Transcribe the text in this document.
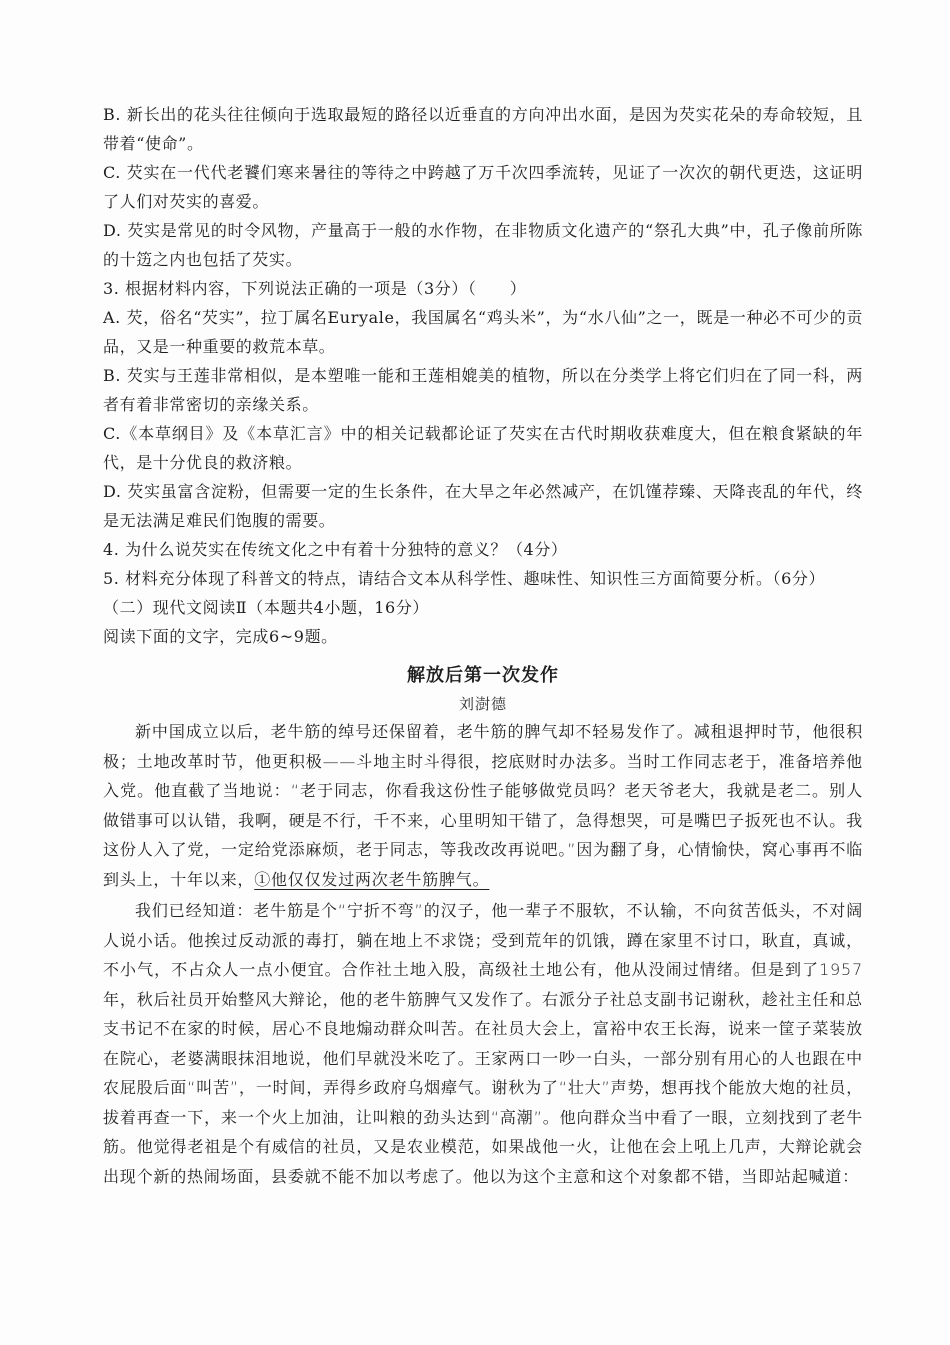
B. 新长出的花头往往倾向于选取最短的路径以近垂直的方向冲出水面，是因为芡实花朵的寿命较短，且带着“使命”。

C. 芡实在一代代老饕们寒来暑往的等待之中跨越了万千次四季流转，见证了一次次的朝代更迭，这证明了人们对芡实的喜爱。

D. 芡实是常见的时令风物，产量高于一般的水作物，在非物质文化遗产的“祭孔大典”中，孔子像前所陈的十笾之内也包括了芡实。

3. 根据材料内容，下列说法正确的一项是（3分）（　　）

A. 芡，俗名“芡实”，拉丁属名Euryale，我国属名“鸡头米”，为“水八仙”之一，既是一种必不可少的贡品，又是一种重要的救荒本草。

B. 芡实与王莲非常相似，是本塑唯一能和王莲相媲美的植物，所以在分类学上将它们归在了同一科，两者有着非常密切的亲缘关系。

C.《本草纲目》及《本草汇言》中的相关记载都论证了芡实在古代时期收获难度大，但在粮食紧缺的年代，是十分优良的救济粮。

D. 芡实虽富含淀粉，但需要一定的生长条件，在大旱之年必然减产，在饥馑荐臻、天降丧乱的年代，终是无法满足难民们饱腹的需要。

4. 为什么说芡实在传统文化之中有着十分独特的意义？（4分）

5. 材料充分体现了科普文的特点，请结合文本从科学性、趣味性、知识性三方面简要分析。（6分）

（二）现代文阅读Ⅱ（本题共4小题，16分）

阅读下面的文字，完成6~9题。

解放后第一次发作
刘澍德

新中国成立以后，老牛筋的绰号还保留着，老牛筋的脾气却不轻易发作了。减租退押时节，他很积极；土地改革时节，他更积极——斗地主时斗得很，挖底财时办法多。当时工作同志老于，准备培养他入党。他直截了当地说：“老于同志，你看我这份性子能够做党员吗？老天爷老大，我就是老二。别人做错事可以认错，我啊，硬是不行，千不来，心里明知干错了，急得想哭，可是嘴巴子扳死也不认。我这份人入了党，一定给党添麻烦，老于同志，等我改改再说吧。”因为翻了身，心情愉快，窝心事再不临到头上，十年以来，①他仅仅发过两次老牛筋脾气。

我们已经知道：老牛筋是个“宁折不弯”的汉子，他一辈子不服软，不认输，不向贫苦低头，不对阔人说小话。他挨过反动派的毒打，躺在地上不求饶；受到荒年的饥饿，蹲在家里不讨口，耿直，真诚，不小气，不占众人一点小便宜。合作社土地入股，高级社土地公有，他从没闹过情绪。但是到了1957年，秋后社员开始整风大辩论，他的老牛筋脾气又发作了。右派分子社总支副书记谢秋，趁社主任和总支书记不在家的时候，居心不良地煽动群众叫苦。在社员大会上，富裕中农王长海，说来一筐子菜装放在院心，老婆满眼抹泪地说，他们早就没米吃了。王家两口一吵一白头，一部分别有用心的人也跟在中农屁股后面“叫苦”，一时间，弄得乡政府乌烟瘴气。谢秋为了“壮大”声势，想再找个能放大炮的社员，拔着再查一下，来一个火上加油，让叫粮的劲头达到“高潮”。他向群众当中看了一眼，立刻找到了老牛筋。他觉得老祖是个有威信的社员，又是农业模范，如果战他一火，让他在会上吼上几声，大辩论就会出现个新的热闹场面，县委就不能不加以考虑了。他以为这个主意和这个对象都不错，当即站起喊道：
